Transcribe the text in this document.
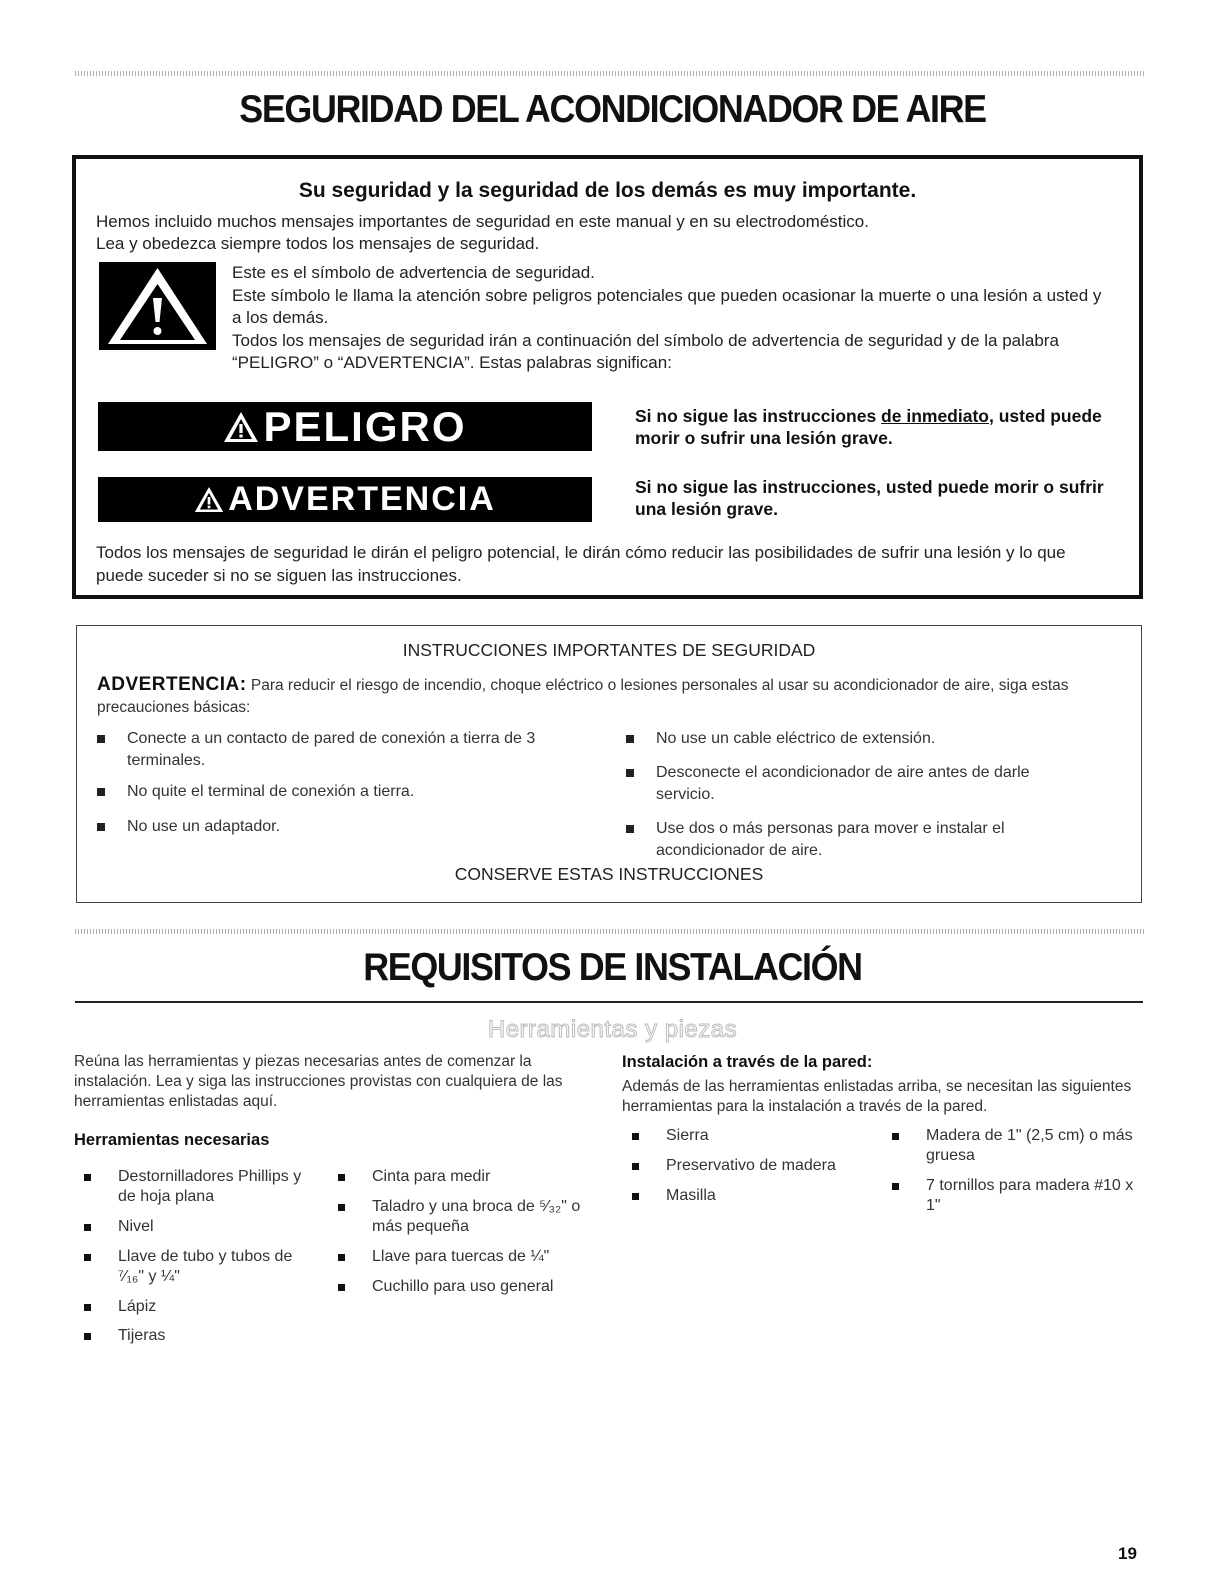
SEGURIDAD DEL ACONDICIONADOR DE AIRE
Su seguridad y la seguridad de los demás es muy importante.
Hemos incluido muchos mensajes importantes de seguridad en este manual y en su electrodoméstico.
Lea y obedezca siempre todos los mensajes de seguridad.
Este es el símbolo de advertencia de seguridad.
Este símbolo le llama la atención sobre peligros potenciales que pueden ocasionar la muerte o una lesión a usted y a los demás.
Todos los mensajes de seguridad irán a continuación del símbolo de advertencia de seguridad y de la palabra “PELIGRO” o “ADVERTENCIA”. Estas palabras significan:
PELIGRO	Si no sigue las instrucciones de inmediato, usted puede morir o sufrir una lesión grave.
ADVERTENCIA	Si no sigue las instrucciones, usted puede morir o sufrir una lesión grave.
Todos los mensajes de seguridad le dirán el peligro potencial, le dirán cómo reducir las posibilidades de sufrir una lesión y lo que puede suceder si no se siguen las instrucciones.
INSTRUCCIONES IMPORTANTES DE SEGURIDAD
ADVERTENCIA: Para reducir el riesgo de incendio, choque eléctrico o lesiones personales al usar su acondicionador de aire, siga estas precauciones básicas:
Conecte a un contacto de pared de conexión a tierra de 3 terminales.
No quite el terminal de conexión a tierra.
No use un adaptador.
No use un cable eléctrico de extensión.
Desconecte el acondicionador de aire antes de darle servicio.
Use dos o más personas para mover e instalar el acondicionador de aire.
CONSERVE ESTAS INSTRUCCIONES
REQUISITOS DE INSTALACIÓN
Herramientas y piezas
Reúna las herramientas y piezas necesarias antes de comenzar la instalación. Lea y siga las instrucciones provistas con cualquiera de las herramientas enlistadas aquí.
Herramientas necesarias
Destornilladores Phillips y de hoja plana
Nivel
Llave de tubo y tubos de ⁷⁄₁₆" y ¼"
Lápiz
Tijeras
Cinta para medir
Taladro y una broca de ⁵⁄₃₂" o más pequeña
Llave para tuercas de ¼"
Cuchillo para uso general
Instalación a través de la pared:
Además de las herramientas enlistadas arriba, se necesitan las siguientes herramientas para la instalación a través de la pared.
Sierra
Preservativo de madera
Masilla
Madera de 1" (2,5 cm) o más gruesa
7 tornillos para madera #10 x 1"
19
